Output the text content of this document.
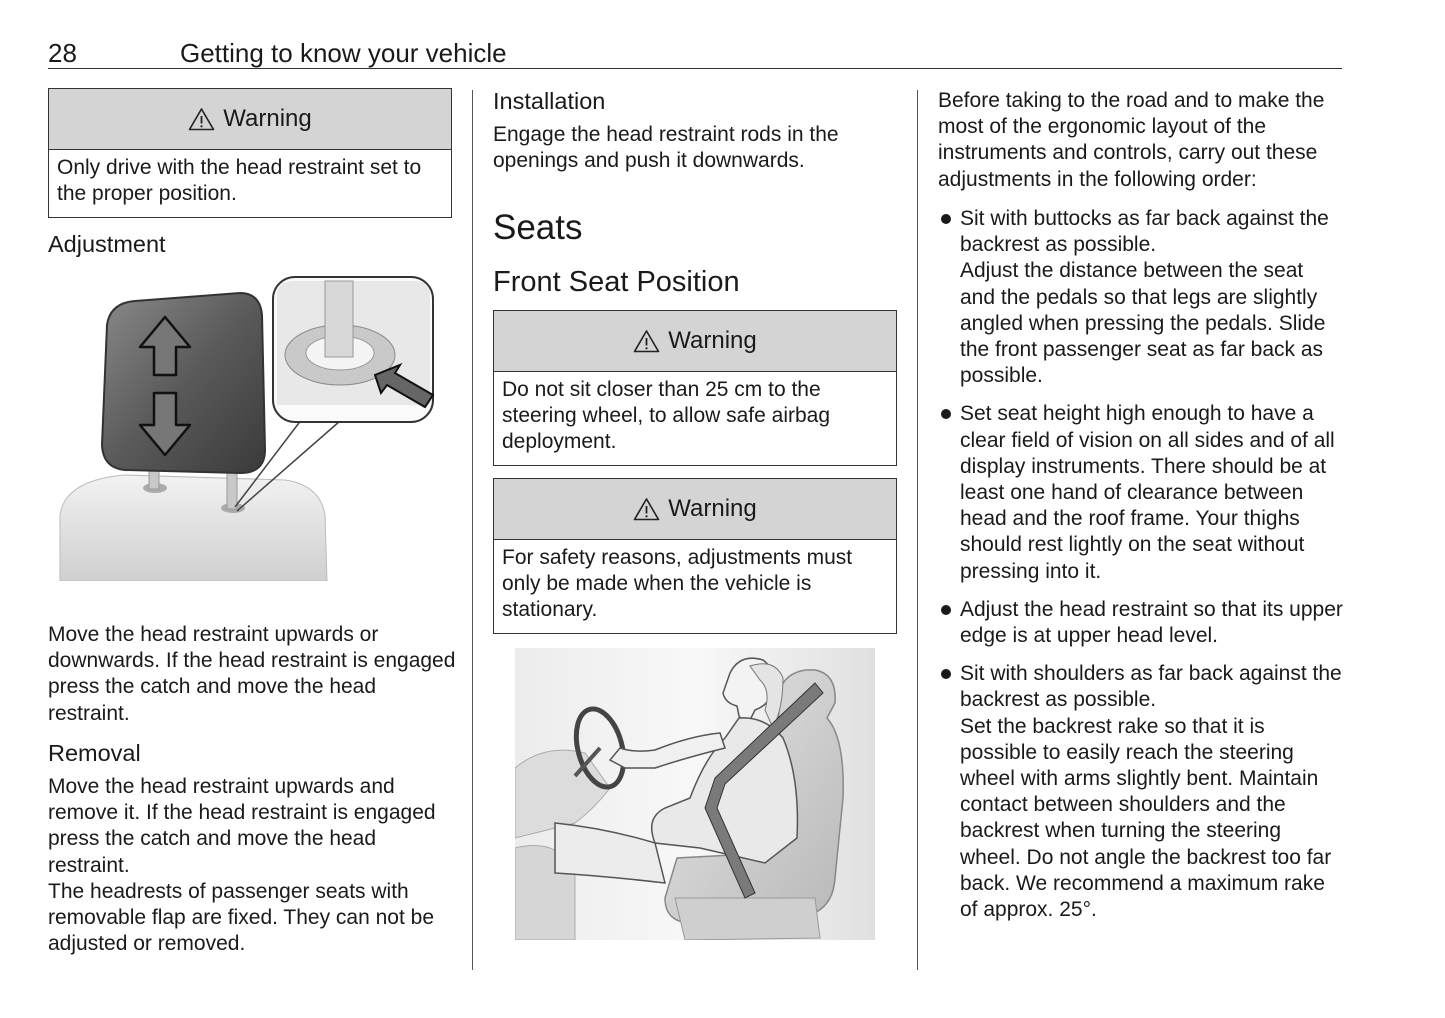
28	Getting to know your vehicle
Warning
Only drive with the head restraint set to the proper position.
Adjustment
Move the head restraint upwards or downwards. If the head restraint is engaged press the catch and move the head restraint.
Removal
Move the head restraint upwards and remove it. If the head restraint is engaged press the catch and move the head restraint.
The headrests of passenger seats with removable flap are fixed. They can not be adjusted or removed.
Installation
Engage the head restraint rods in the openings and push it downwards.
Seats
Front Seat Position
Warning
Do not sit closer than 25 cm to the steering wheel, to allow safe airbag deployment.
Warning
For safety reasons, adjustments must only be made when the vehicle is stationary.
Before taking to the road and to make the most of the ergonomic layout of the instruments and controls, carry out these adjustments in the following order:
Sit with buttocks as far back against the backrest as possible.
Adjust the distance between the seat and the pedals so that legs are slightly angled when pressing the pedals. Slide the front passenger seat as far back as possible.
Set seat height high enough to have a clear field of vision on all sides and of all display instruments. There should be at least one hand of clearance between head and the roof frame. Your thighs should rest lightly on the seat without pressing into it.
Adjust the head restraint so that its upper edge is at upper head level.
Sit with shoulders as far back against the backrest as possible.
Set the backrest rake so that it is possible to easily reach the steering wheel with arms slightly bent. Maintain contact between shoulders and the backrest when turning the steering wheel. Do not angle the backrest too far back. We recommend a maximum rake of approx. 25°.
